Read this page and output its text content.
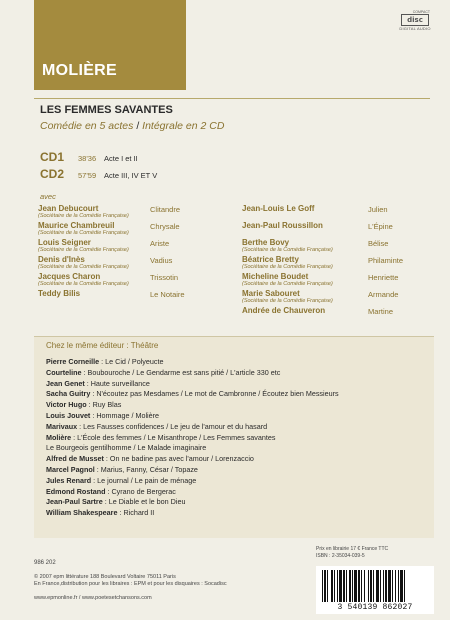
MOLIÈRE
COMPACT
disc
DIGITAL AUDIO
LES FEMMES SAVANTES
Comédie en 5 actes / Intégrale en 2 CD
CD1	38'36	Acte I et II
CD2	57'59	Acte III, IV ET V
avec
Jean Debucourt	Clitandre
(Sociétaire de la Comédie Française)
Maurice Chambreuil	Chrysale
(Sociétaire de la Comédie Française)
Louis Seigner	Ariste
(Sociétaire de la Comédie Française)
Denis d'Inès	Vadius
(Sociétaire de la Comédie Française)
Jacques Charon	Trissotin
(Sociétaire de la Comédie Française)
Teddy Bilis	Le Notaire
Jean-Louis Le Goff	Julien
Jean-Paul Roussillon	L'Épine
Berthe Bovy	Bélise
(Sociétaire de la Comédie Française)
Béatrice Bretty	Philaminte
(Sociétaire de la Comédie Française)
Micheline Boudet	Henriette
(Sociétaire de la Comédie Française)
Marie Sabouret	Armande
(Sociétaire de la Comédie Française)
Andrée de Chauveron	Martine
Chez le même éditeur : Théâtre
Pierre Corneille : Le Cid / Polyeucte
Courteline : Boubouroche / Le Gendarme est sans pitié / L'article 330 etc
Jean Genet : Haute surveillance
Sacha Guitry : N'écoutez pas Mesdames / Le mot de Cambronne / Écoutez bien Messieurs
Victor Hugo : Ruy Blas
Louis Jouvet : Hommage / Molière
Marivaux : Les Fausses confidences / Le jeu de l'amour et du hasard
Molière : L'École des femmes / Le Misanthrope / Les Femmes savantes
Le Bourgeois gentilhomme / Le Malade imaginaire
Alfred de Musset : On ne badine pas avec l'amour / Lorenzaccio
Marcel Pagnol : Marius, Fanny, César / Topaze
Jules Renard : Le journal / Le pain de ménage
Edmond Rostand : Cyrano de Bergerac
Jean-Paul Sartre : Le Diable et le bon Dieu
William Shakespeare : Richard II
986 202
© 2007 epm littérature 188 Boulevard Voltaire 75011 Paris
En France,distribution pour les libraires : EPM et pour les disquaires : Socadisc
www.epmonline.fr / www.poetesetchansons.com
Prix en librairie 17 € France TTC
ISBN : 2-35034-039-5
3 540139 862027
